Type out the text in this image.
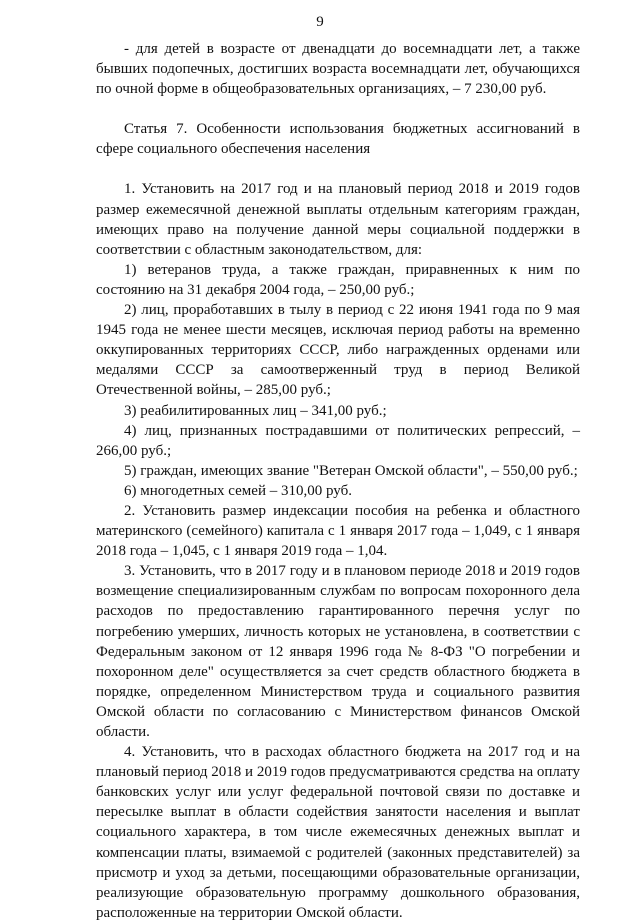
9

- для детей в возрасте от двенадцати до восемнадцати лет, а также бывших подопечных, достигших возраста восемнадцати лет, обучающихся по очной форме в общеобразовательных организациях, – 7 230,00 руб.

Статья 7. Особенности использования бюджетных ассигнований в сфере социального обеспечения населения

1. Установить на 2017 год и на плановый период 2018 и 2019 годов размер ежемесячной денежной выплаты отдельным категориям граждан, имеющих право на получение данной меры социальной поддержки в соответствии с областным законодательством, для:

1) ветеранов труда, а также граждан, приравненных к ним по состоянию на 31 декабря 2004 года, – 250,00 руб.;

2) лиц, проработавших в тылу в период с 22 июня 1941 года по 9 мая 1945 года не менее шести месяцев, исключая период работы на временно оккупированных территориях СССР, либо награжденных орденами или медалями СССР за самоотверженный труд в период Великой Отечественной войны, – 285,00 руб.;

3) реабилитированных лиц – 341,00 руб.;

4) лиц, признанных пострадавшими от политических репрессий, – 266,00 руб.;

5) граждан, имеющих звание "Ветеран Омской области", – 550,00 руб.;

6) многодетных семей – 310,00 руб.

2. Установить размер индексации пособия на ребенка и областного материнского (семейного) капитала с 1 января 2017 года – 1,049, с 1 января 2018 года – 1,045, с 1 января 2019 года – 1,04.

3. Установить, что в 2017 году и в плановом периоде 2018 и 2019 годов возмещение специализированным службам по вопросам похоронного дела расходов по предоставлению гарантированного перечня услуг по погребению умерших, личность которых не установлена, в соответствии с Федеральным законом от 12 января 1996 года № 8-ФЗ "О погребении и похоронном деле" осуществляется за счет средств областного бюджета в порядке, определенном Министерством труда и социального развития Омской области по согласованию с Министерством финансов Омской области.

4. Установить, что в расходах областного бюджета на 2017 год и на плановый период 2018 и 2019 годов предусматриваются средства на оплату банковских услуг или услуг федеральной почтовой связи по доставке и пересылке выплат в области содействия занятости населения и выплат социального характера, в том числе ежемесячных денежных выплат и компенсации платы, взимаемой с родителей (законных представителей) за присмотр и уход за детьми, посещающими образовательные организации, реализующие образовательную программу дошкольного образования, расположенные на территории Омской области.
